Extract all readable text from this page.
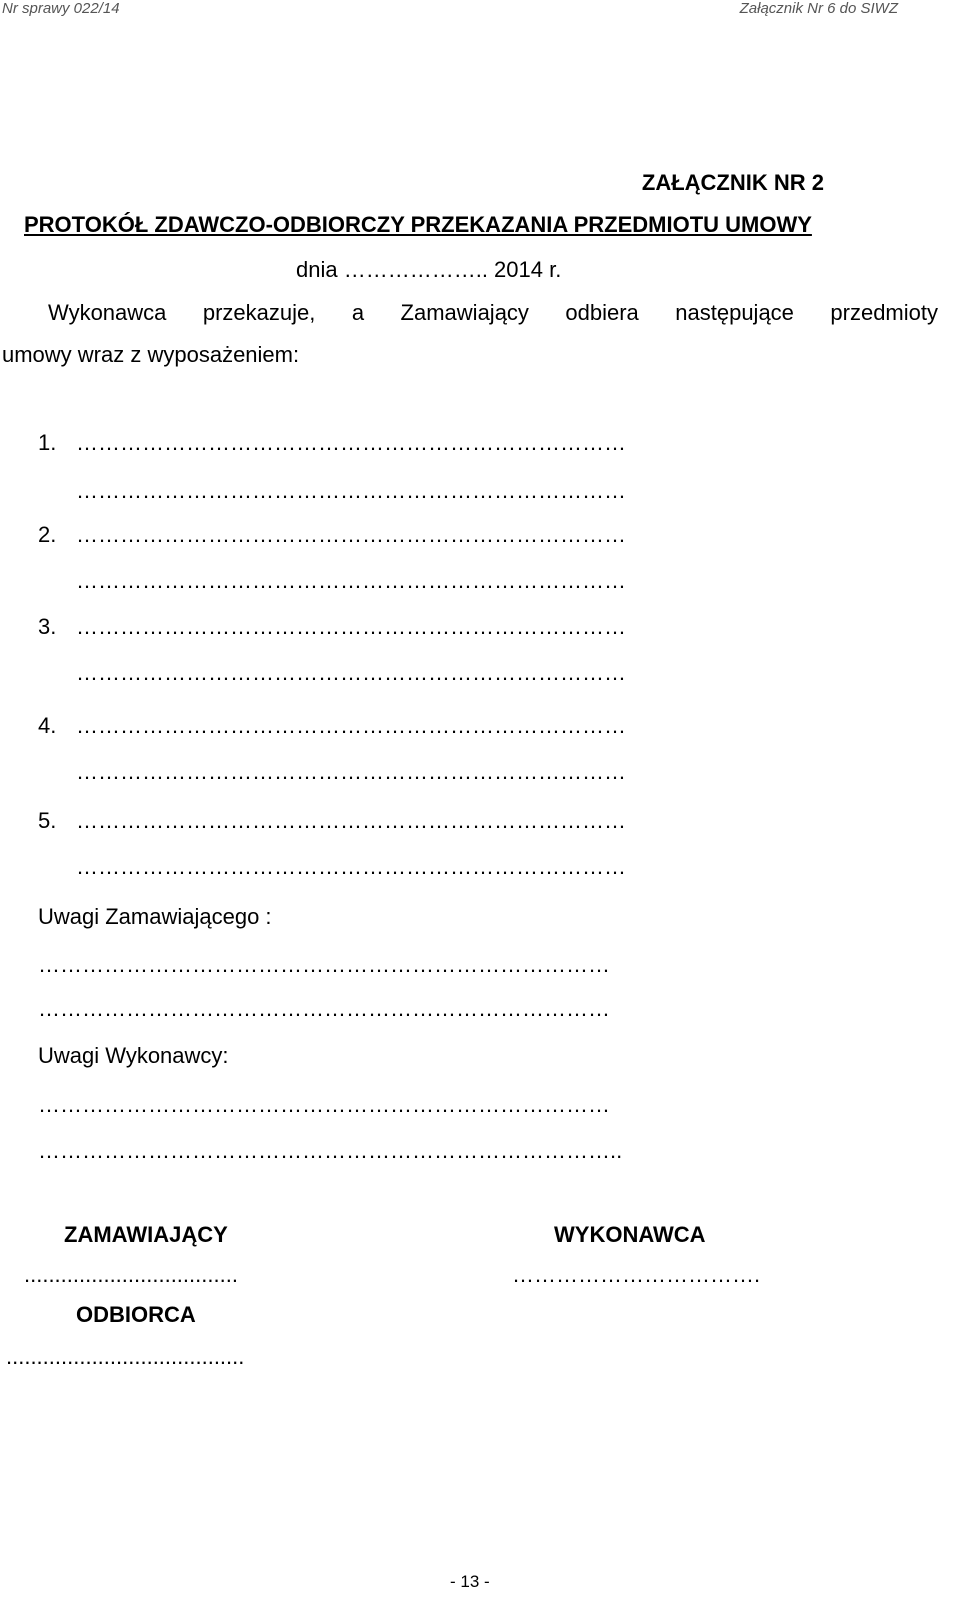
Nr sprawy 022/14	Załącznik Nr 6 do SIWZ
ZAŁĄCZNIK NR 2
PROTOKÓŁ ZDAWCZO-ODBIORCZY PRZEKAZANIA PRZEDMIOTU UMOWY
dnia ……………….. 2014 r.
Wykonawca przekazuje, a Zamawiający odbiera następujące przedmioty
umowy wraz z wyposażeniem:
1. …………………………………………………………………
…………………………………………………………………
2. …………………………………………………………………
…………………………………………………………………
3. …………………………………………………………………
…………………………………………………………………
4. …………………………………………………………………
…………………………………………………………………
5. …………………………………………………………………
…………………………………………………………………
Uwagi Zamawiającego :
……………………………………………………………………
……………………………………………………………………
Uwagi Wykonawcy:
……………………………………………………………………
……………………………………………………………………..
ZAMAWIAJĄCY	WYKONAWCA
...................................	…………………………….
ODBIORCA
.......................................
- 13 -
